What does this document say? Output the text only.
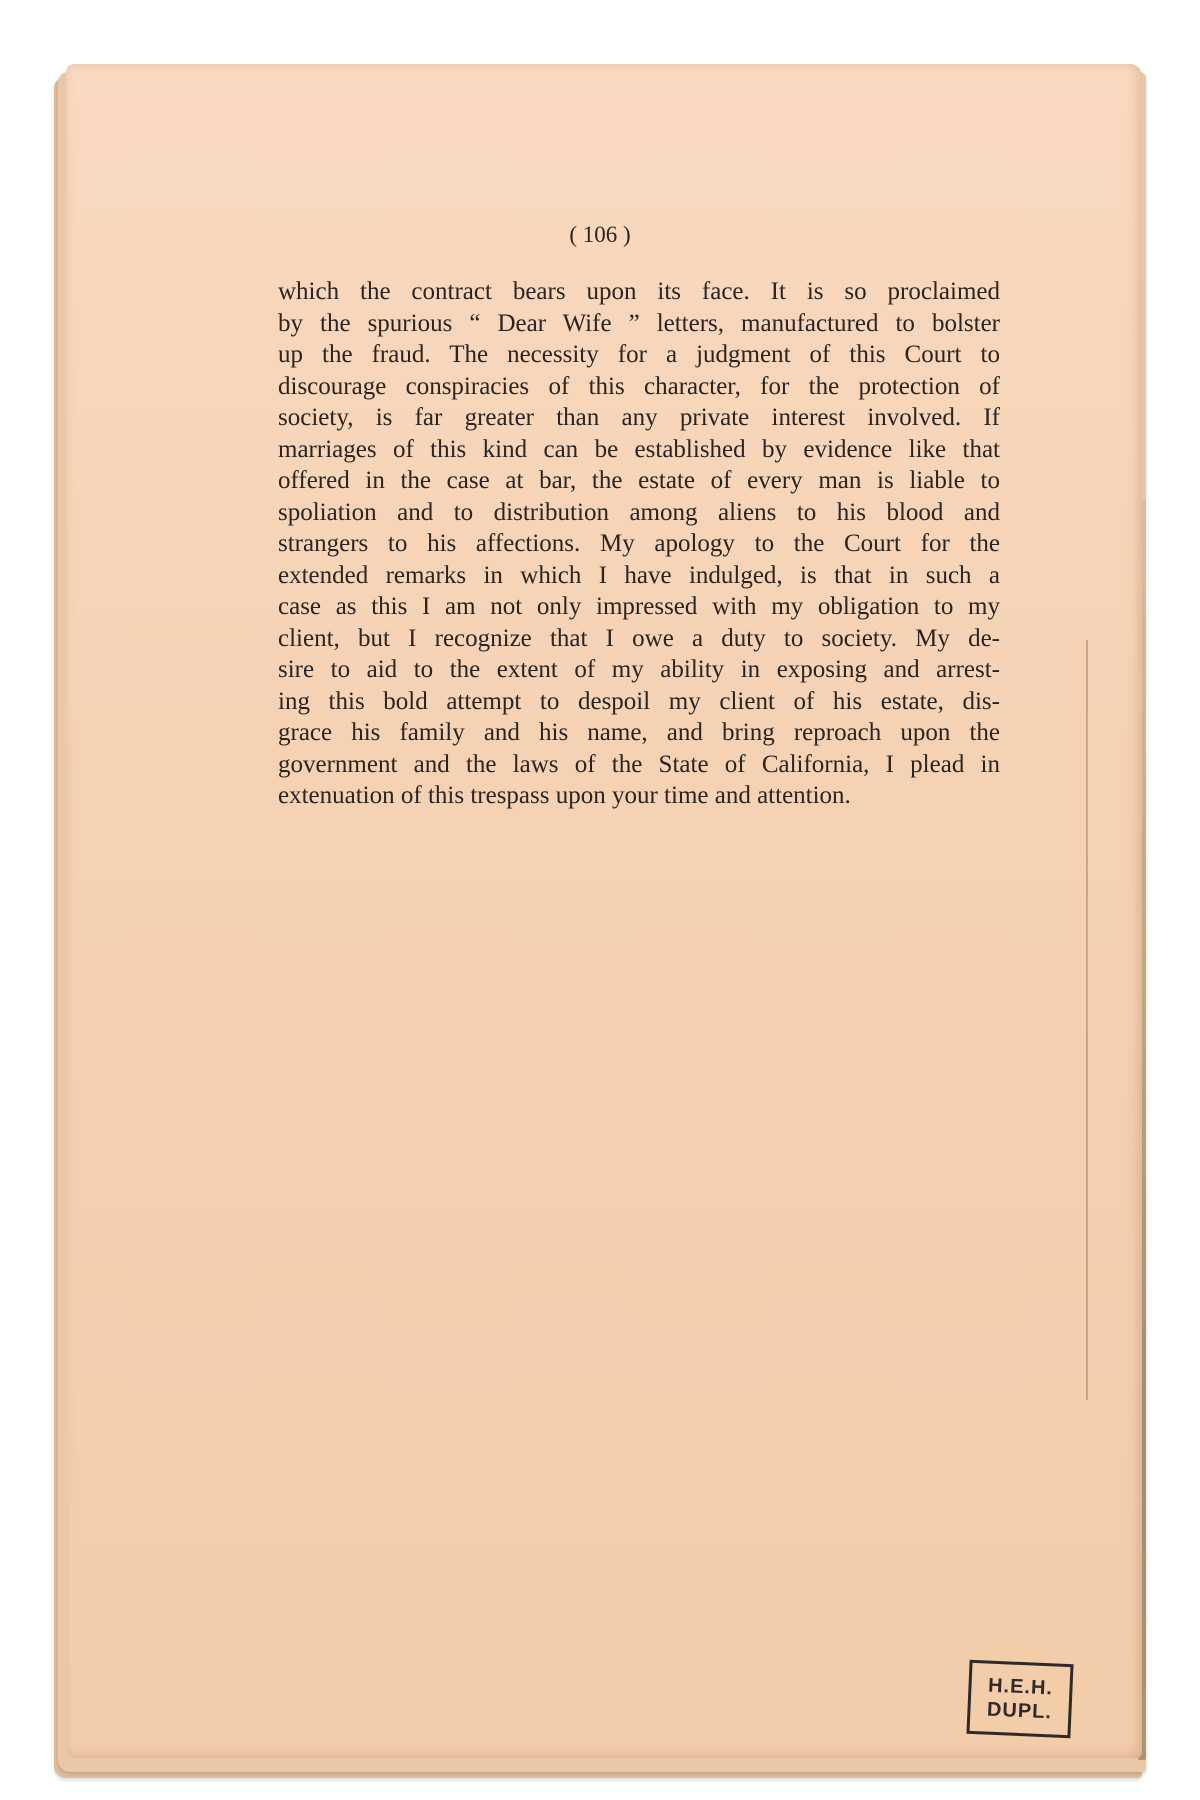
( 106 )
which the contract bears upon its face. It is so proclaimed
by the spurious “ Dear Wife ” letters, manufactured to bolster
up the fraud. The necessity for a judgment of this Court to
discourage conspiracies of this character, for the protection of
society, is far greater than any private interest involved. If
marriages of this kind can be established by evidence like that
offered in the case at bar, the estate of every man is liable to
spoliation and to distribution among aliens to his blood and
strangers to his affections. My apology to the Court for the
extended remarks in which I have indulged, is that in such a
case as this I am not only impressed with my obligation to my
client, but I recognize that I owe a duty to society. My de-
sire to aid to the extent of my ability in exposing and arrest-
ing this bold attempt to despoil my client of his estate, dis-
grace his family and his name, and bring reproach upon the
government and the laws of the State of California, I plead in
extenuation of this trespass upon your time and attention.
H.E.H.
DUPL.
